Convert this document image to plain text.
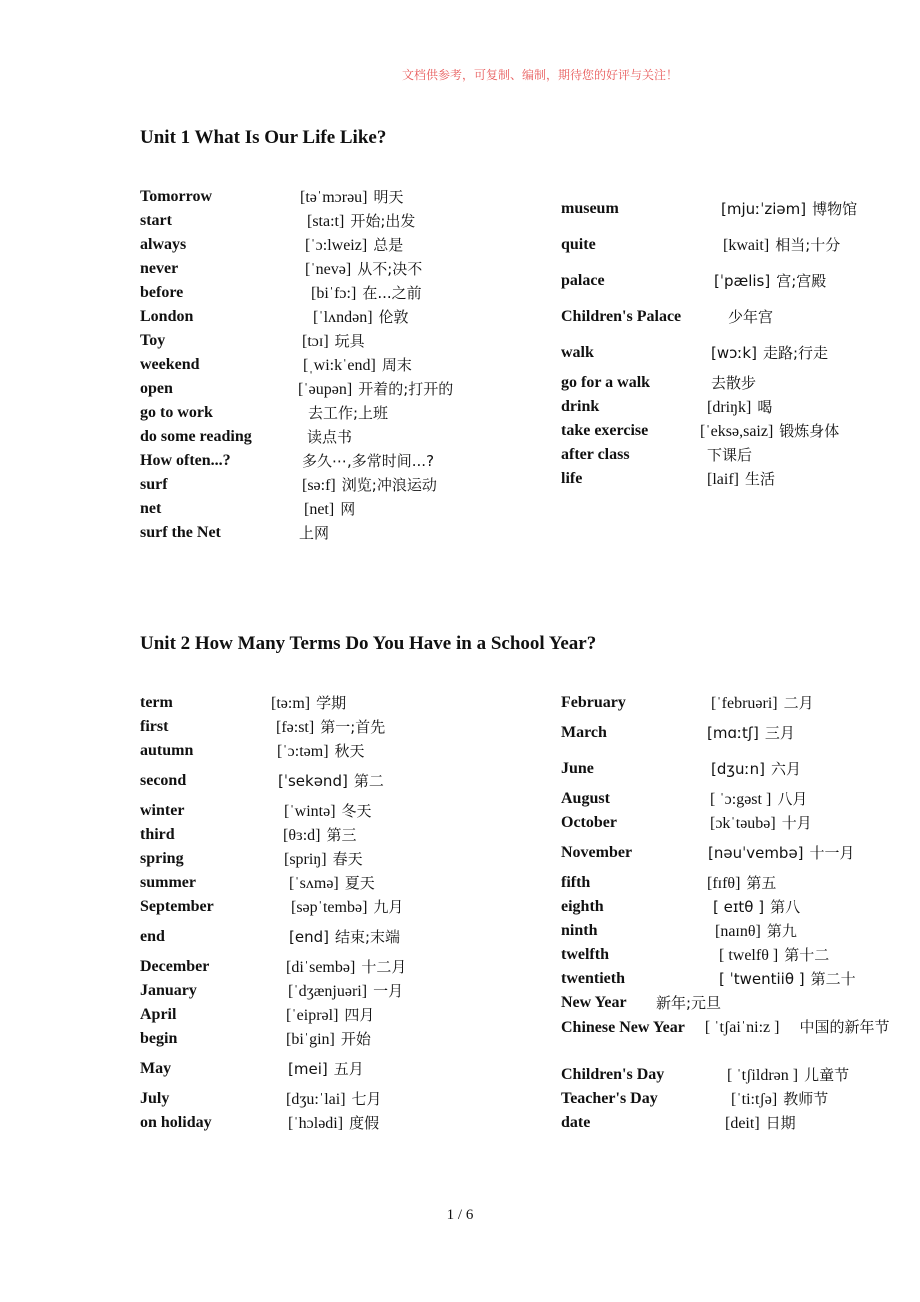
文档供参考，可复制、编制，期待您的好评与关注！
Unit 1 What Is Our Life Like?
Tomorrow	[təˈmɔrəu] 明天
start	[sta:t] 开始;出发
always	[ˈɔ:lweiz] 总是
never	[ˈnevə] 从不;决不
before	[biˈfɔ:] 在...之前
London	[ˈlʌndən] 伦敦
Toy	[tɔɪ] 玩具
weekend	[ˌwi:kˈend] 周末
open	[ˈəupən] 开着的;打开的
go to work	去工作;上班
do some reading	读点书
How often...?	多久⋯,多常时间...?
surf	[sə:f] 浏览;冲浪运动
net	[net] 网
surf the Net	上网
museum	[mjuːˈziəm] 博物馆
quite	[kwait] 相当;十分
palace	[ˈpælis] 宫;宫殿
Children's Palace	少年宫
walk	[wɔːk] 走路;行走
go for a walk	去散步
drink	[driŋk] 喝
take exercise	[ˈeksə,saiz] 锻炼身体
after class	下课后
life	[laif] 生活
Unit 2 How Many Terms Do You Have in a School Year?
term	[tə:m] 学期
first	[fə:st] 第一;首先
autumn	[ˈɔ:təm] 秋天
second	[ˈsekənd] 第二
winter	[ˈwintə] 冬天
third	[θɜ:d] 第三
spring	[spriŋ] 春天
summer	[ˈsʌmə] 夏天
September	[səpˈtembə] 九月
end	[end] 结束;末端
December	[diˈsembə] 十二月
January	[ˈdʒænjuəri] 一月
April	[ˈeiprəl] 四月
begin	[biˈgin] 开始
May	[mei] 五月
July	[dʒu:ˈlai] 七月
on holiday	[ˈhɔlədi] 度假
February	[ˈfebruəri] 二月
March	[mɑːtʃ] 三月
June	[dʒuːn] 六月
August	[ ˈɔ:gəst ] 八月
October	[ɔkˈtəubə] 十月
November	[nəuˈvembə] 十一月
fifth	[fɪfθ] 第五
eighth	[ eɪtθ ] 第八
ninth	[naɪnθ] 第九
twelfth	[ twelfθ ] 第十二
twentieth	[ ˈtwentiiθ ] 第二十
New Year	新年;元旦
Chinese New Year [ ˈtʃaiˈni:z ] 中国的新年节
Children's Day	[ ˈtʃildrən ] 儿童节
Teacher's Day	[ˈti:tʃə] 教师节
date	[deit] 日期
1 / 6
